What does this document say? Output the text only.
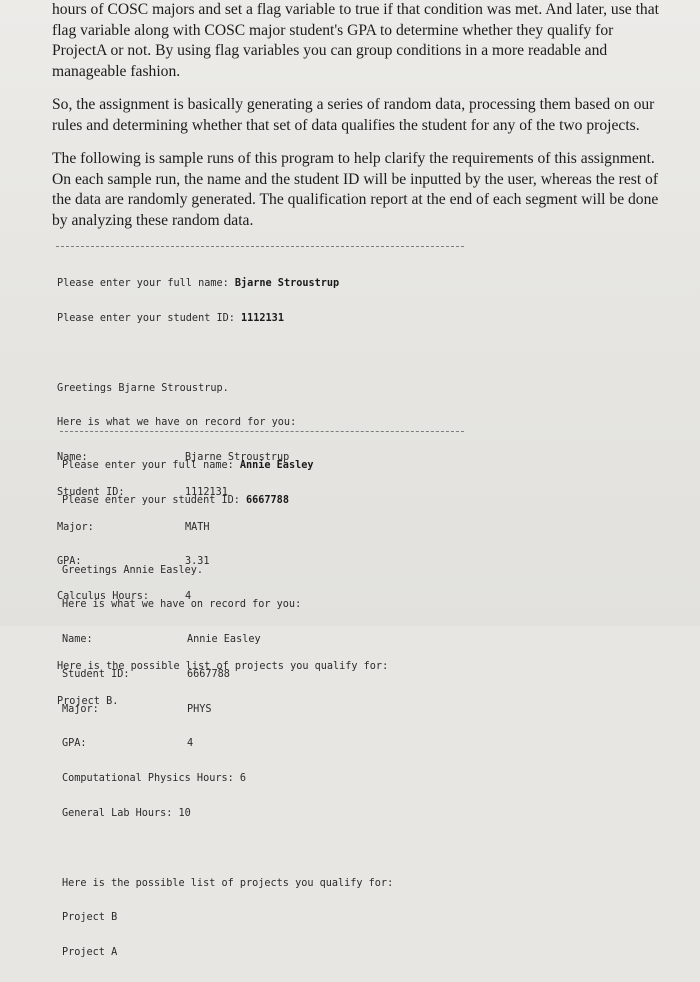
hours of COSC majors and set a flag variable to true if that condition was met. And later, use that
flag variable along with COSC major student's GPA to determine whether they qualify for
ProjectA or not. By using flag variables you can group conditions in a more readable and
manageable fashion.

So, the assignment is basically generating a series of random data, processing them based on our
rules and determining whether that set of data qualifies the student for any of the two projects.

The following is sample runs of this program to help clarify the requirements of this assignment.
On each sample run, the name and the student ID will be inputted by the user, whereas the rest of
the data are randomly generated. The qualification report at the end of each segment will be done
by analyzing these random data.

Please enter your full name: Bjarne Stroustrup

Please enter your student ID: 1112131

Greetings Bjarne Stroustrup.

Here is what we have on record for you:

Name:	Bjarne Stroustrup

Student ID:	1112131

Major:	MATH

GPA:	3.31

Calculus Hours:	4

Here is the possible list of projects you qualify for:

Project B.

Please enter your full name: Annie Easley

Please enter your student ID: 6667788

Greetings Annie Easley.

Here is what we have on record for you:

Name:	Annie Easley

Student ID:	6667788

Major:	PHYS

GPA:	4

Computational Physics Hours: 6

General Lab Hours: 10

Here is the possible list of projects you qualify for:

Project B

Project A
